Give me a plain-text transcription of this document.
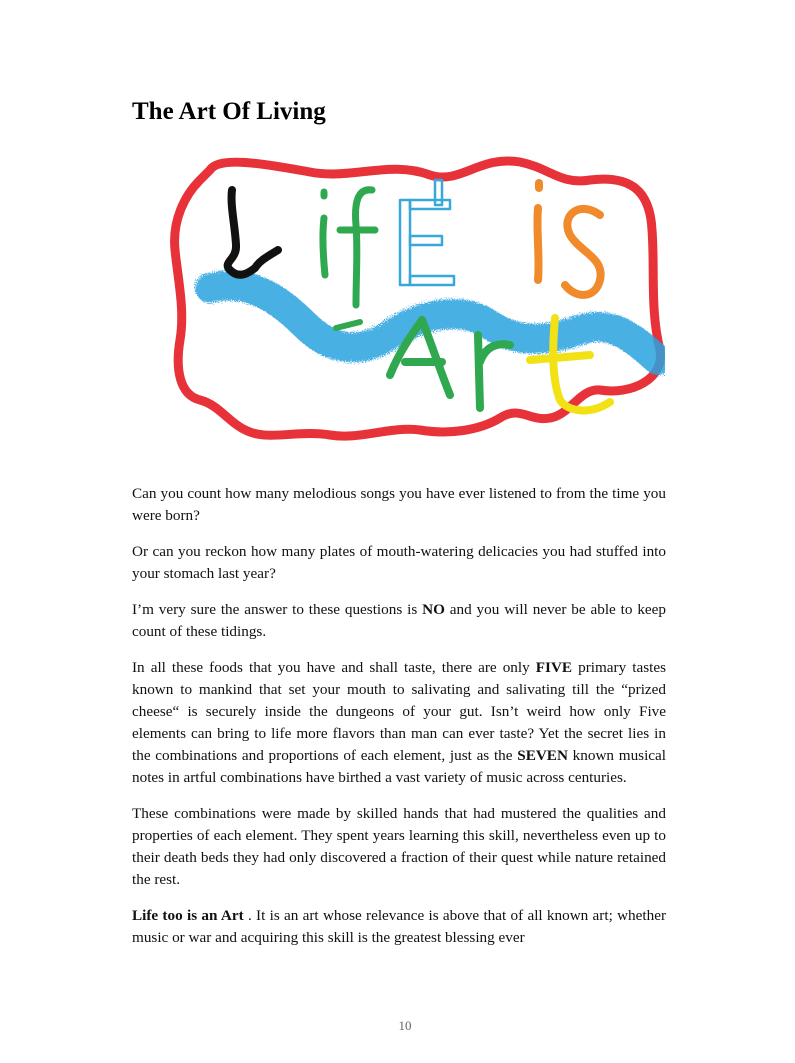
The Art Of Living

Can you count how many melodious songs you have ever listened to from the time you were born?

Or can you reckon how many plates of mouth-watering delicacies you had stuffed into your stomach last year?

I’m very sure the answer to these questions is NO and you will never be able to keep count of these tidings.

In all these foods that you have and shall taste, there are only FIVE primary tastes known to mankind that set your mouth to salivating and salivating till the “prized cheese“ is securely inside the dungeons of your gut. Isn’t weird how only Five elements can bring to life more flavors than man can ever taste? Yet the secret lies in the combinations and proportions of each element, just as the SEVEN known musical notes in artful combinations have birthed a vast variety of music across centuries.

These combinations were made by skilled hands that had mustered the qualities and properties of each element. They spent years learning this skill, nevertheless even up to their death beds they had only discovered a fraction of their quest while nature retained the rest.

Life too is an Art . It is an art whose relevance is above that of all known art; whether music or war and acquiring this skill is the greatest blessing ever

10
